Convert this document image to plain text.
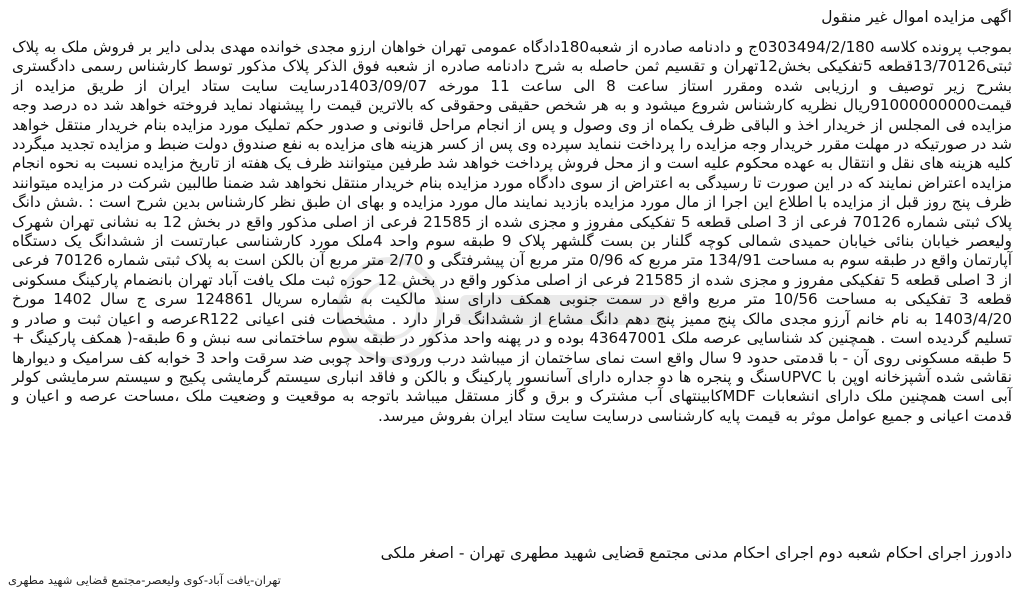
اگهی مزایده اموال غیر منقول
بموجب پرونده کلاسه 0303494/2/180ج و دادنامه صادره از شعبه180دادگاه عمومی تهران خواهان ارزو مجدی خوانده مهدی بدلی دایر بر فروش ملک به پلاک ثبتی13/70126قطعه 5تفکیکی بخش12تهران و تقسیم ثمن حاصله به شرح دادنامه صادره از شعبه فوق الذکر پلاک مذکور توسط کارشناس رسمی دادگستری بشرح زیر توصیف و ارزیابی شده ومقرر استاز ساعت 8 الی ساعت 11 مورخه 1403/09/07درسایت سایت ستاد ایران از طریق مزایده از قیمت91000000000ریال نظریه کارشناس شروع میشود و به هر شخص حقیقی وحقوقی که بالاترین قیمت را پیشنهاد نماید فروخته خواهد شد ده درصد وجه مزایده فی المجلس از خریدار اخذ و الباقی ظرف یکماه از وی وصول و پس از انجام مراحل قانونی و صدور حکم تملیک مورد مزایده بنام خریدار منتقل خواهد شد در صورتیکه در مهلت مقرر خریدار وجه مزایده را پرداخت ننماید سپرده وی پس از کسر هزینه های مزایده به نفع صندوق دولت ضبط و مزایده تجدید میگردد کلیه هزینه های نقل و انتقال به عهده محکوم علیه است و از محل فروش پرداخت خواهد شد طرفین میتوانند ظرف یک هفته از تاریخ مزایده نسبت به نحوه انجام مزایده اعتراض نمایند که در این صورت تا رسیدگی به اعتراض از سوی دادگاه مورد مزایده بنام خریدار منتقل نخواهد شد ضمنا طالبین شرکت در مزایده میتوانند ظرف پنج روز قبل از مزایده با اطلاع این اجرا از مال مورد مزایده بازدید نمایند مال مورد مزایده و بهای ان طبق نظر کارشناس بدین شرح است : .شش دانگ پلاک ثبتی شماره 70126 فرعی از 3 اصلی قطعه 5 تفکیکی مفروز و مجزی شده از 21585 فرعی از اصلی مذکور واقع در بخش 12 به نشانی تهران شهرک ولیعصر خیابان بنائی خیابان حمیدی شمالی کوچه گلنار بن بست گلشهر پلاک 9 طبقه سوم واحد 4ملک مورد کارشناسی عبارتست از ششدانگ یک دستگاه آپارتمان واقع در طبقه سوم به مساحت 134/91 متر مربع که 0/96 متر مربع آن پیشرفتگی و 2/70 متر مربع آن بالکن است به پلاک ثبتی شماره 70126 فرعی از 3 اصلی قطعه 5 تفکیکی مفروز و مجزی شده از 21585 فرعی از اصلی مذکور واقع در بخش 12 حوزه ثبت ملک یافت آباد تهران بانضمام پارکینگ مسکونی قطعه 3 تفکیکی به مساحت 10/56 متر مربع واقع در سمت جنوبی همکف دارای سند مالکیت به شماره سریال 124861 سری ج سال 1402 مورخ 1403/4/20 به نام خانم آرزو مجدی مالک پنج ممیز پنج دهم دانگ مشاع از ششدانگ قرار دارد . مشخصات فنی اعیانی R122عرصه و اعیان ثبت و صادر و تسلیم گردیده است . همچنین کد شناسایی عرصه ملک 43647001 بوده و در پهنه واحد مذکور در طبقه سوم ساختمانی سه نبش و 6 طبقه-( همکف پارکینگ + 5 طبقه مسکونی روی آن - با قدمتی حدود 9 سال واقع است نمای ساختمان از میباشد درب ورودی واحد چوبی ضد سرقت واحد 3 خوابه کف سرامیک و دیوارها نقاشی شده آشپزخانه اوپن با UPVCسنگ و پنجره ها دو جداره دارای آسانسور پارکینگ و بالکن و فاقد انباری سیستم گرمایشی پکیج و سیستم سرمایشی کولر آبی است همچنین ملک دارای انشعابات MDFکابینتهای آب مشترک و برق و گاز مستقل میباشد باتوجه به موقعیت و وضعیت ملک ،مساحت عرصه و اعیان و قدمت اعیانی و جمیع عوامل موثر به قیمت پایه کارشناسی درسایت سایت ستاد ایران بفروش میرسد.
دادورز اجرای احکام شعبه دوم اجرای احکام مدنی مجتمع قضایی شهید مطهری تهران - اصغر ملکی
تهران-یافت آباد-کوی ولیعصر-مجتمع قضایی شهید مطهری
